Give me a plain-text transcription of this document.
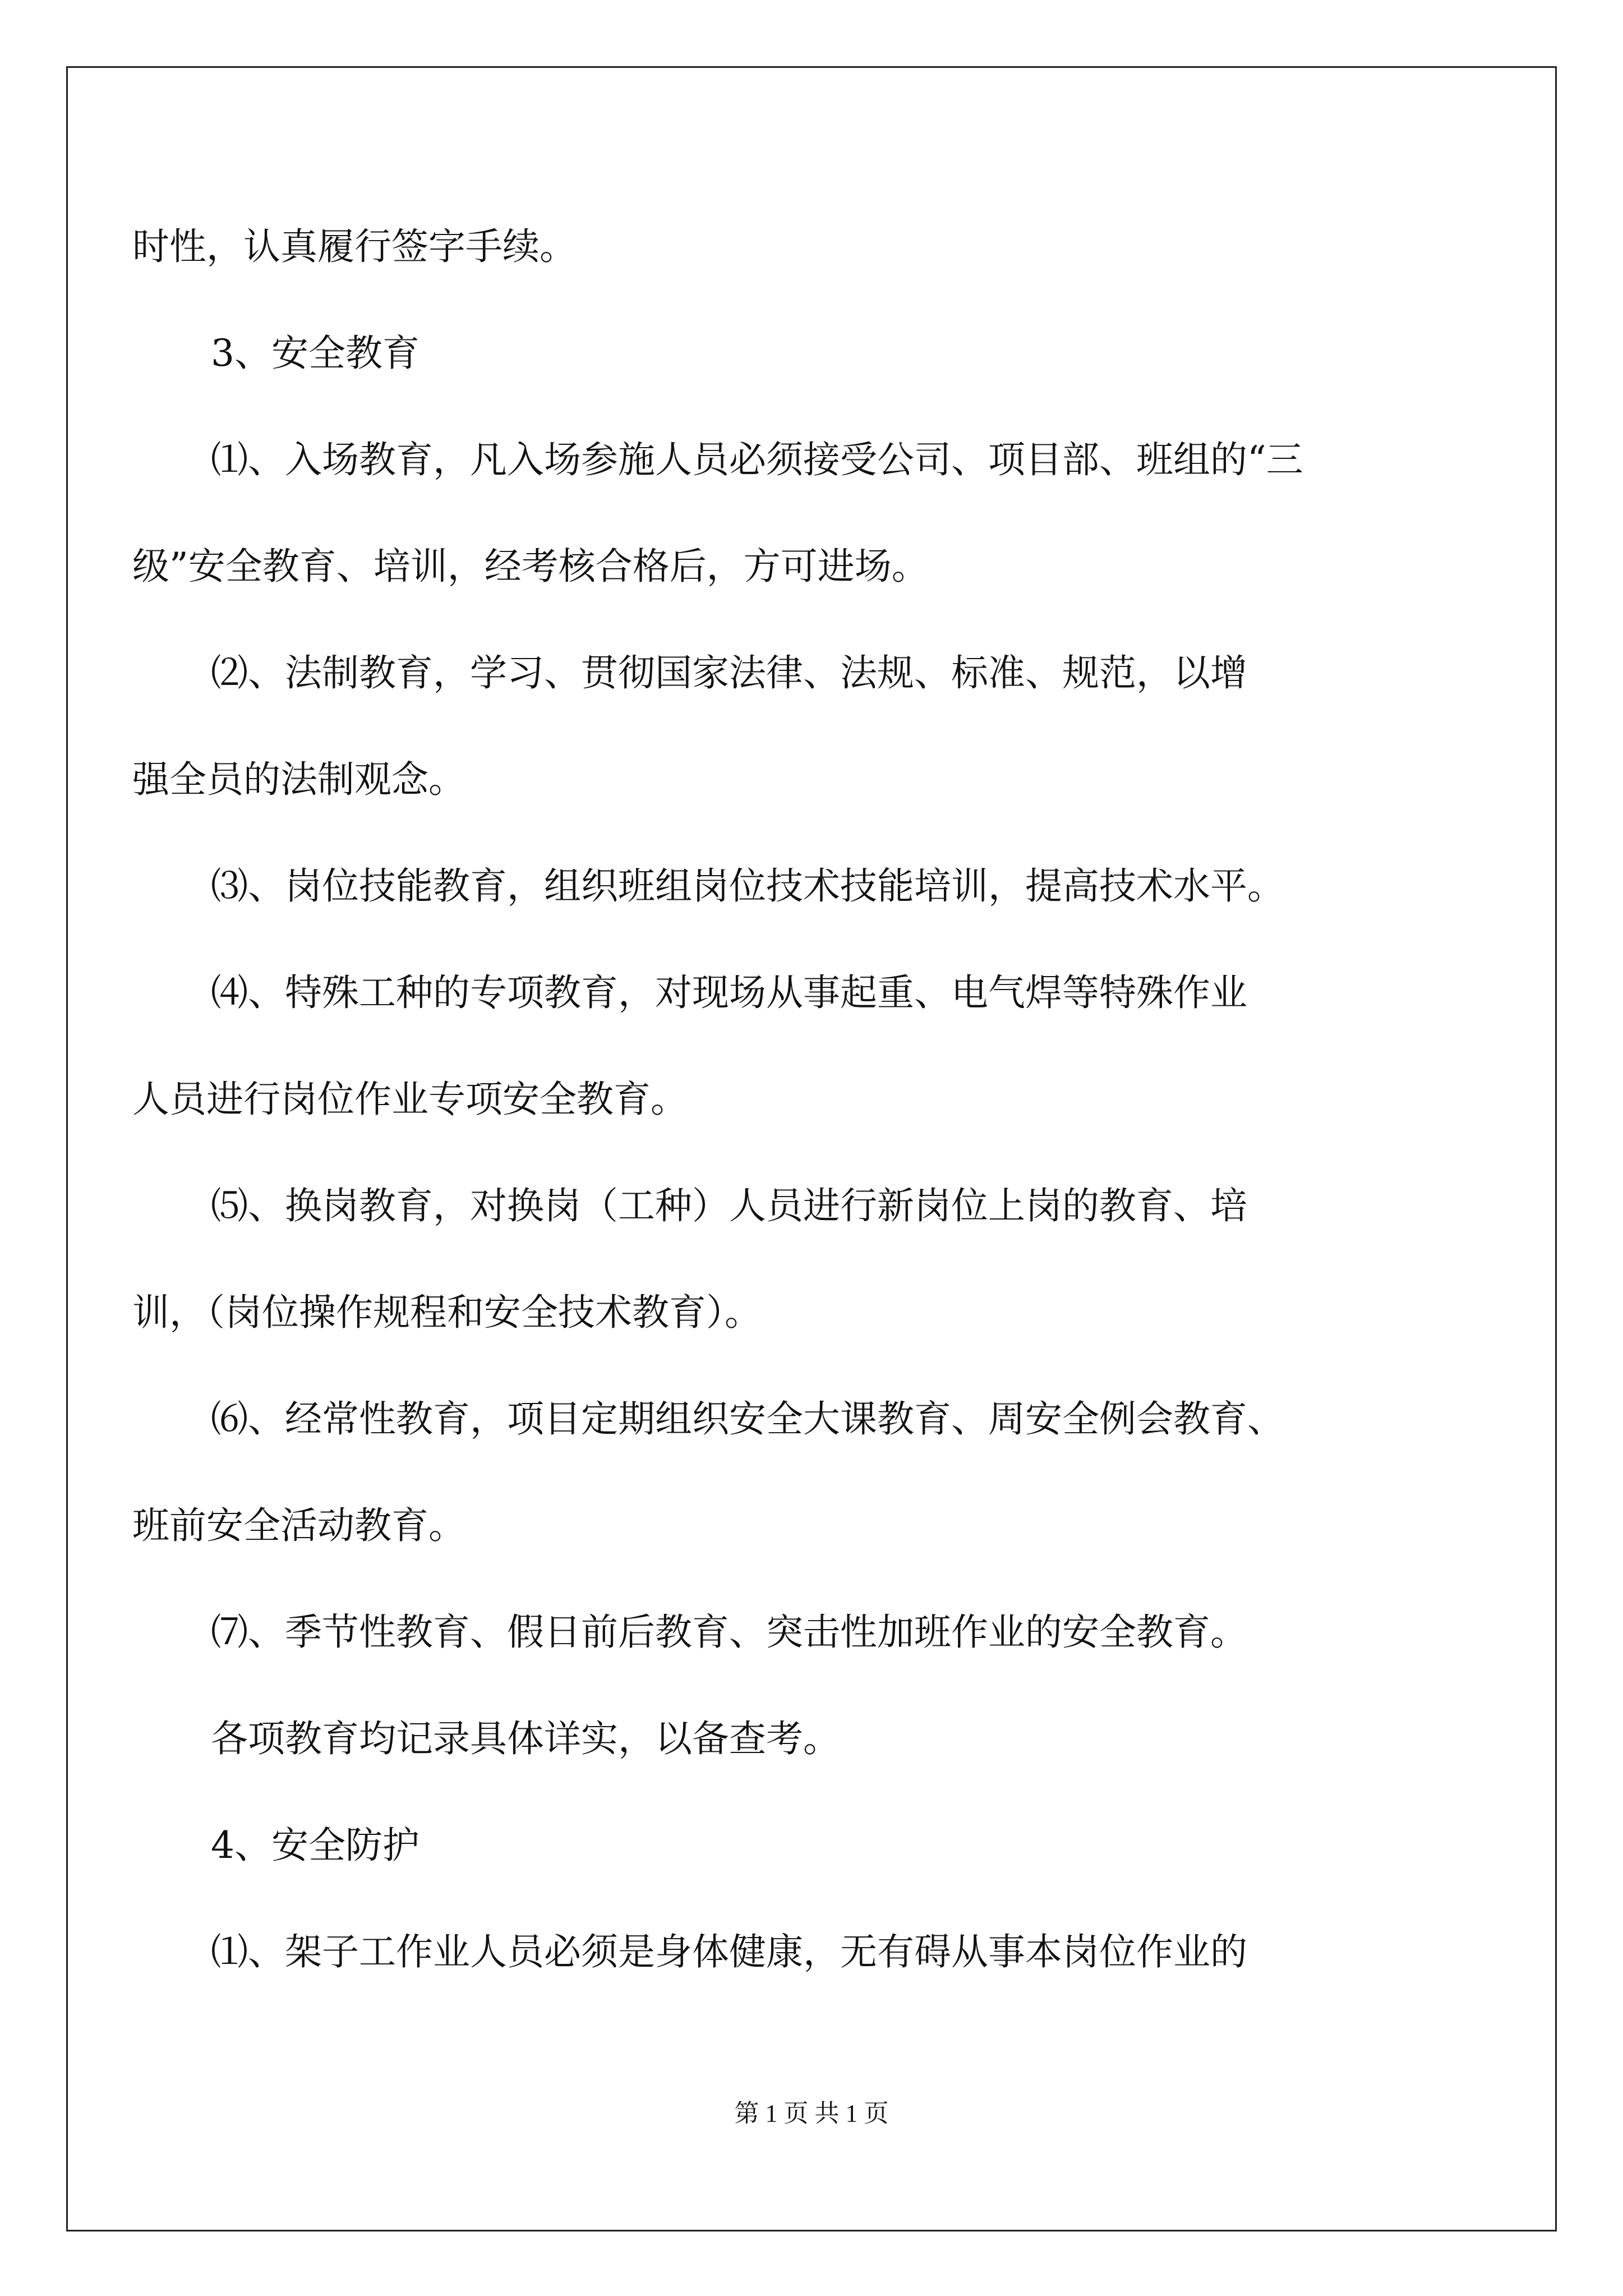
时性，认真履行签字手续。
3、安全教育
⑴、入场教育，凡入场参施人员必须接受公司、项目部、班组的“三
级”安全教育、培训，经考核合格后，方可进场。
⑵、法制教育，学习、贯彻国家法律、法规、标准、规范，以增
强全员的法制观念。
⑶、岗位技能教育，组织班组岗位技术技能培训，提高技术水平。
⑷、特殊工种的专项教育，对现场从事起重、电气焊等特殊作业
人员进行岗位作业专项安全教育。
⑸、换岗教育，对换岗（工种）人员进行新岗位上岗的教育、培
训，（岗位操作规程和安全技术教育）。
⑹、经常性教育，项目定期组织安全大课教育、周安全例会教育、
班前安全活动教育。
⑺、季节性教育、假日前后教育、突击性加班作业的安全教育。
各项教育均记录具体详实，以备查考。
4、安全防护
⑴、架子工作业人员必须是身体健康，无有碍从事本岗位作业的
第 1 页 共 1 页
